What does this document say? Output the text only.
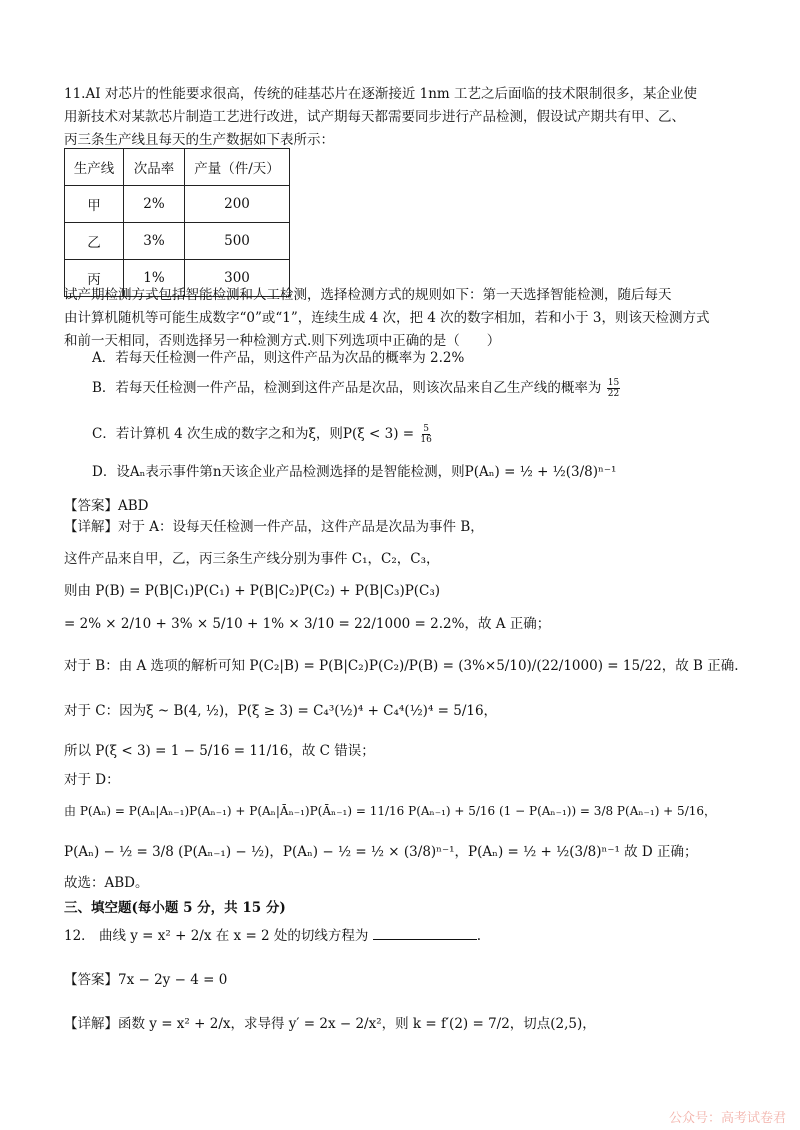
11.AI 对芯片的性能要求很高，传统的硅基芯片在逐渐接近 1nm 工艺之后面临的技术限制很多，某企业使
用新技术对某款芯片制造工艺进行改进，试产期每天都需要同步进行产品检测，假设试产期共有甲、乙、
丙三条生产线且每天的生产数据如下表所示：
生产线	次品率	产量（件/天）
甲	2%	200
乙	3%	500
丙	1%	300
试产期检测方式包括智能检测和人工检测，选择检测方式的规则如下：第一天选择智能检测，随后每天
由计算机随机等可能生成数字“0”或“1”，连续生成 4 次，把 4 次的数字相加，若和小于 3，则该天检测方式
和前一天相同，否则选择另一种检测方式.则下列选项中正确的是（　　）
A．若每天任检测一件产品，则这件产品为次品的概率为 2.2%
B．若每天任检测一件产品，检测到这件产品是次品，则该次品来自乙生产线的概率为 $\frac{15}{22}$
C．若计算机 4 次生成的数字之和为ξ，则$P(\xi < 3) = \frac{5}{16}$
D．设Aₙ表示事件第n天该企业产品检测选择的是智能检测，则P(Aₙ) = ½ + ½(3/8)ⁿ⁻¹
【答案】ABD
【详解】对于 A：设每天任检测一件产品，这件产品是次品为事件 B，
这件产品来自甲，乙，丙三条生产线分别为事件 C₁，C₂，C₃，
则由 P(B) = P(B|C₁)P(C₁) + P(B|C₂)P(C₂) + P(B|C₃)P(C₃)
= 2% × 2/10 + 3% × 5/10 + 1% × 3/10 = 22/1000 = 2.2%，故 A 正确；
对于 B：由 A 选项的解析可知 P(C₂|B) = P(B|C₂)P(C₂)/P(B) = (3%×5/10)/(22/1000) = 15/22，故 B 正确.
对于 C：因为ξ ~ B(4, ½)，P(ξ ≥ 3) = C₄³(½)⁴ + C₄⁴(½)⁴ = 5/16，
所以 P(ξ < 3) = 1 − 5/16 = 11/16，故 C 错误；
对于 D：
由 P(Aₙ) = P(Aₙ|Aₙ₋₁)P(Aₙ₋₁) + P(Aₙ|Āₙ₋₁)P(Āₙ₋₁) = 11/16 P(Aₙ₋₁) + 5/16 (1 − P(Aₙ₋₁)) = 3/8 P(Aₙ₋₁) + 5/16，
P(Aₙ) − ½ = 3/8 (P(Aₙ₋₁) − ½)，P(Aₙ) − ½ = ½ × (3/8)ⁿ⁻¹，P(Aₙ) = ½ + ½(3/8)ⁿ⁻¹ 故 D 正确；
故选：ABD。
三、填空题(每小题 5 分，共 15 分)
12． 曲线 y = x² + 2/x 在 x = 2 处的切线方程为	.
【答案】7x − 2y − 4 = 0
【详解】函数 y = x² + 2/x，求导得 y′ = 2x − 2/x²，则 k = f′(2) = 7/2，切点(2,5)，
公众号：高考试卷君
